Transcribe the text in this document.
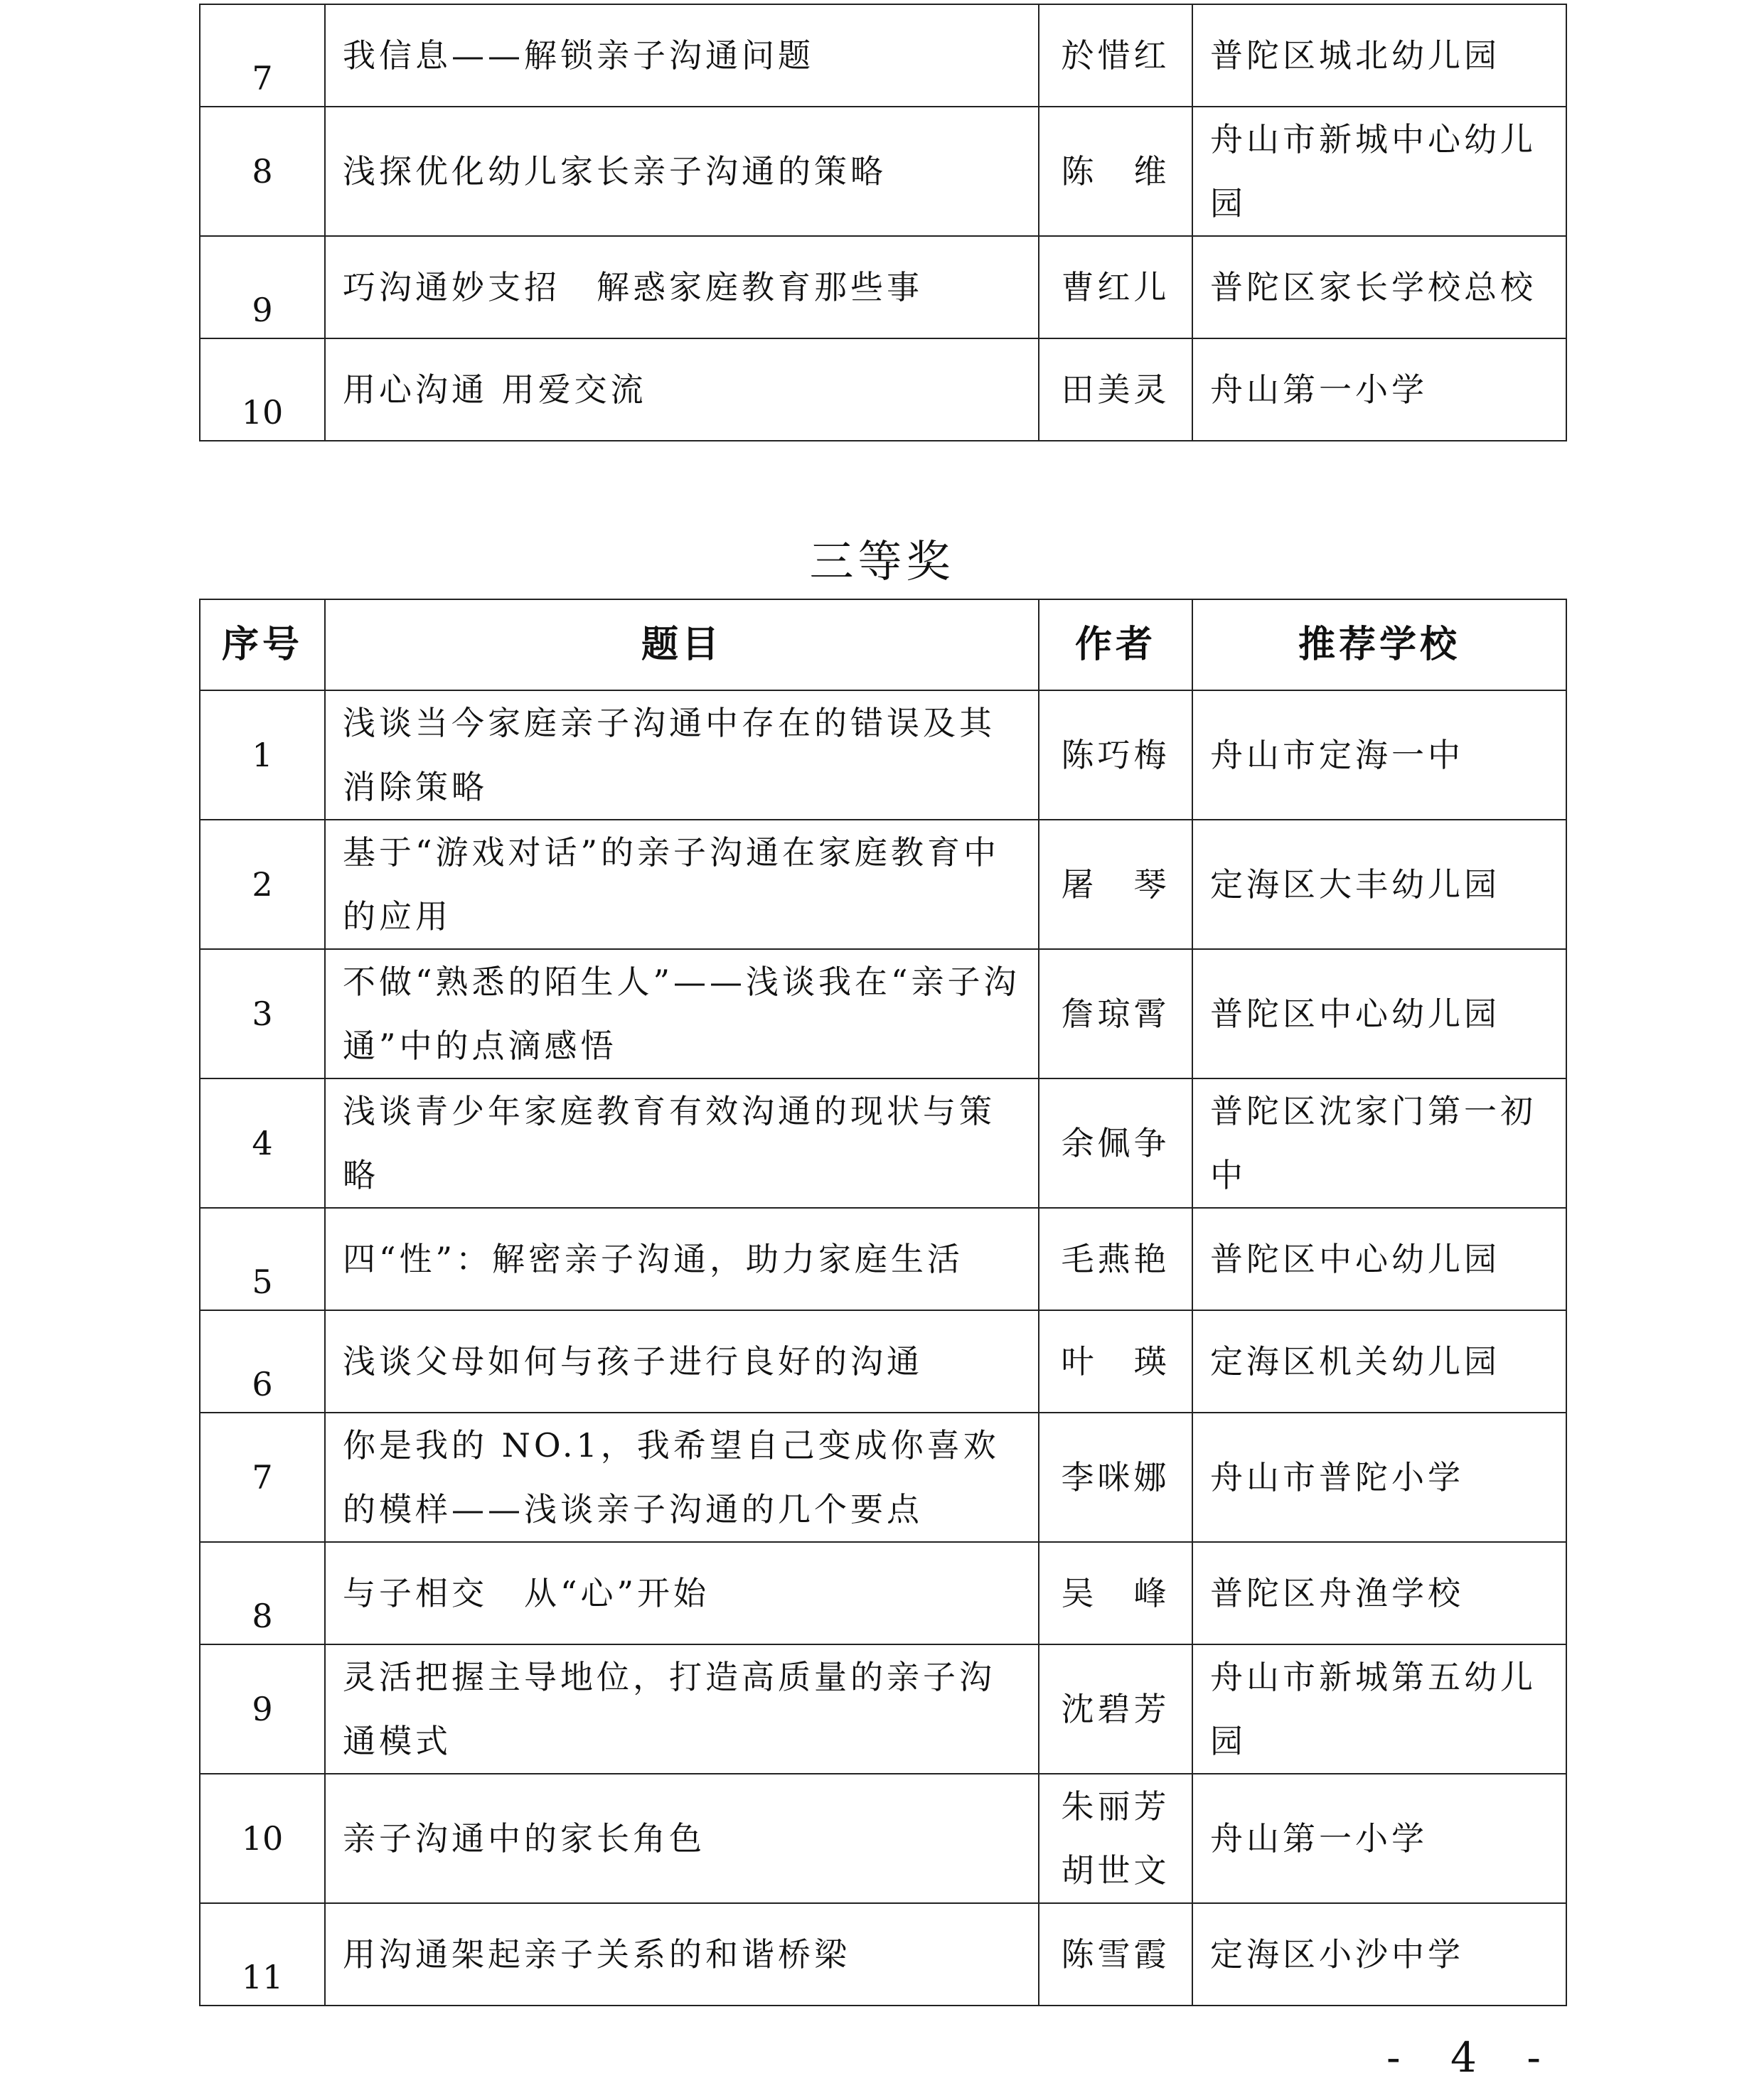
7	我信息——解锁亲子沟通问题	於惜红	普陀区城北幼儿园
8	浅探优化幼儿家长亲子沟通的策略	陈　维	舟山市新城中心幼儿园
9	巧沟通妙支招　解惑家庭教育那些事	曹红儿	普陀区家长学校总校
10	用心沟通 用爱交流	田美灵	舟山第一小学
三等奖
序号	题目	作者	推荐学校
1	浅谈当今家庭亲子沟通中存在的错误及其消除策略	陈巧梅	舟山市定海一中
2	基于“游戏对话”的亲子沟通在家庭教育中的应用	屠　琴	定海区大丰幼儿园
3	不做“熟悉的陌生人”——浅谈我在“亲子沟通”中的点滴感悟	詹琼霄	普陀区中心幼儿园
4	浅谈青少年家庭教育有效沟通的现状与策略	余佩争	普陀区沈家门第一初中
5	四“性”：解密亲子沟通，助力家庭生活	毛燕艳	普陀区中心幼儿园
6	浅谈父母如何与孩子进行良好的沟通	叶　瑛	定海区机关幼儿园
7	你是我的 NO.1，我希望自己变成你喜欢的模样——浅谈亲子沟通的几个要点	李咪娜	舟山市普陀小学
8	与子相交　从“心”开始	吴　峰	普陀区舟渔学校
9	灵活把握主导地位，打造高质量的亲子沟通模式	沈碧芳	舟山市新城第五幼儿园
10	亲子沟通中的家长角色	朱丽芳胡世文	舟山第一小学
11	用沟通架起亲子关系的和谐桥梁	陈雪霞	定海区小沙中学
- 4 -
